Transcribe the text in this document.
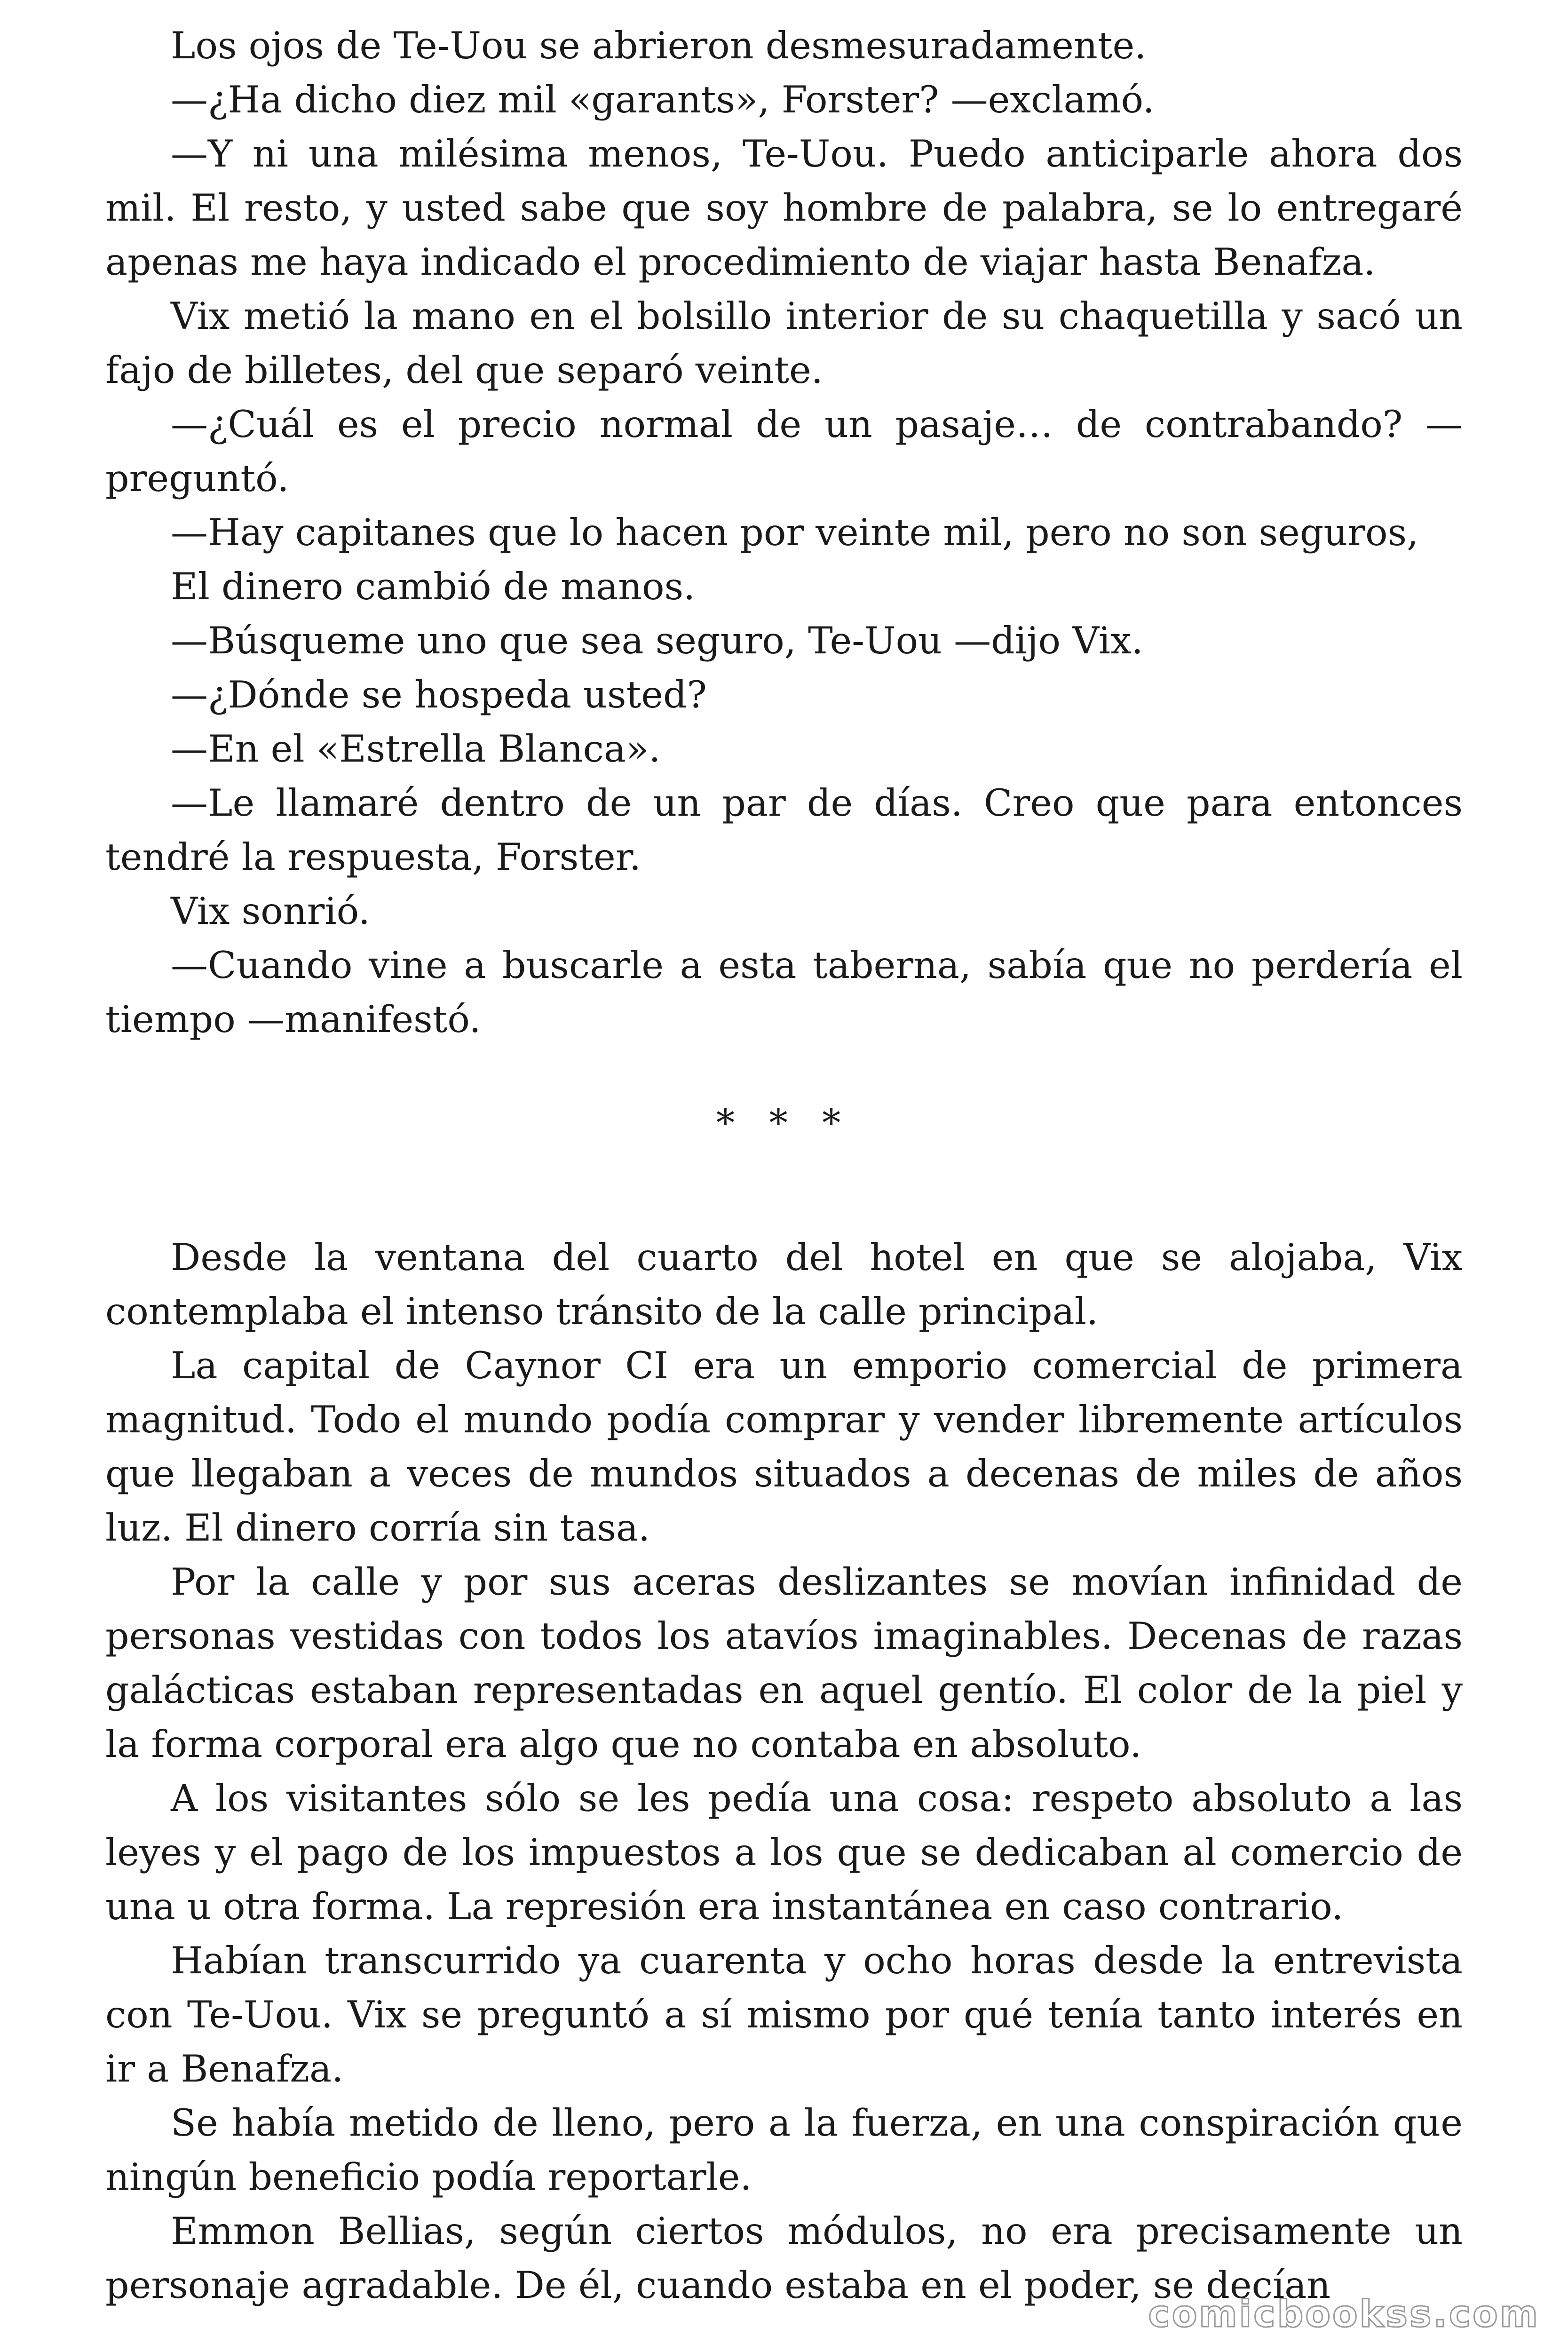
Los ojos de Te-Uou se abrieron desmesuradamente.

—¿Ha dicho diez mil «garants», Forster? —exclamó.

—Y ni una milésima menos, Te-Uou. Puedo anticiparle ahora dos mil. El resto, y usted sabe que soy hombre de palabra, se lo entregaré apenas me haya indicado el procedimiento de viajar hasta Benafza.

Vix metió la mano en el bolsillo interior de su chaquetilla y sacó un fajo de billetes, del que separó veinte.

—¿Cuál es el precio normal de un pasaje… de contrabando? — preguntó.

—Hay capitanes que lo hacen por veinte mil, pero no son seguros,

El dinero cambió de manos.

—Búsqueme uno que sea seguro, Te-Uou —dijo Vix.

—¿Dónde se hospeda usted?

—En el «Estrella Blanca».

—Le llamaré dentro de un par de días. Creo que para entonces tendré la respuesta, Forster.

Vix sonrió.

—Cuando vine a buscarle a esta taberna, sabía que no perdería el tiempo —manifestó.

* * *

Desde la ventana del cuarto del hotel en que se alojaba, Vix contemplaba el intenso tránsito de la calle principal.

La capital de Caynor CI era un emporio comercial de primera magnitud. Todo el mundo podía comprar y vender libremente artículos que llegaban a veces de mundos situados a decenas de miles de años luz. El dinero corría sin tasa.

Por la calle y por sus aceras deslizantes se movían infinidad de personas vestidas con todos los atavíos imaginables. Decenas de razas galácticas estaban representadas en aquel gentío. El color de la piel y la forma corporal era algo que no contaba en absoluto.

A los visitantes sólo se les pedía una cosa: respeto absoluto a las leyes y el pago de los impuestos a los que se dedicaban al comercio de una u otra forma. La represión era instantánea en caso contrario.

Habían transcurrido ya cuarenta y ocho horas desde la entrevista con Te-Uou. Vix se preguntó a sí mismo por qué tenía tanto interés en ir a Benafza.

Se había metido de lleno, pero a la fuerza, en una conspiración que ningún beneficio podía reportarle.

Emmon Bellias, según ciertos módulos, no era precisamente un personaje agradable. De él, cuando estaba en el poder, se decían

comicbookss.com
